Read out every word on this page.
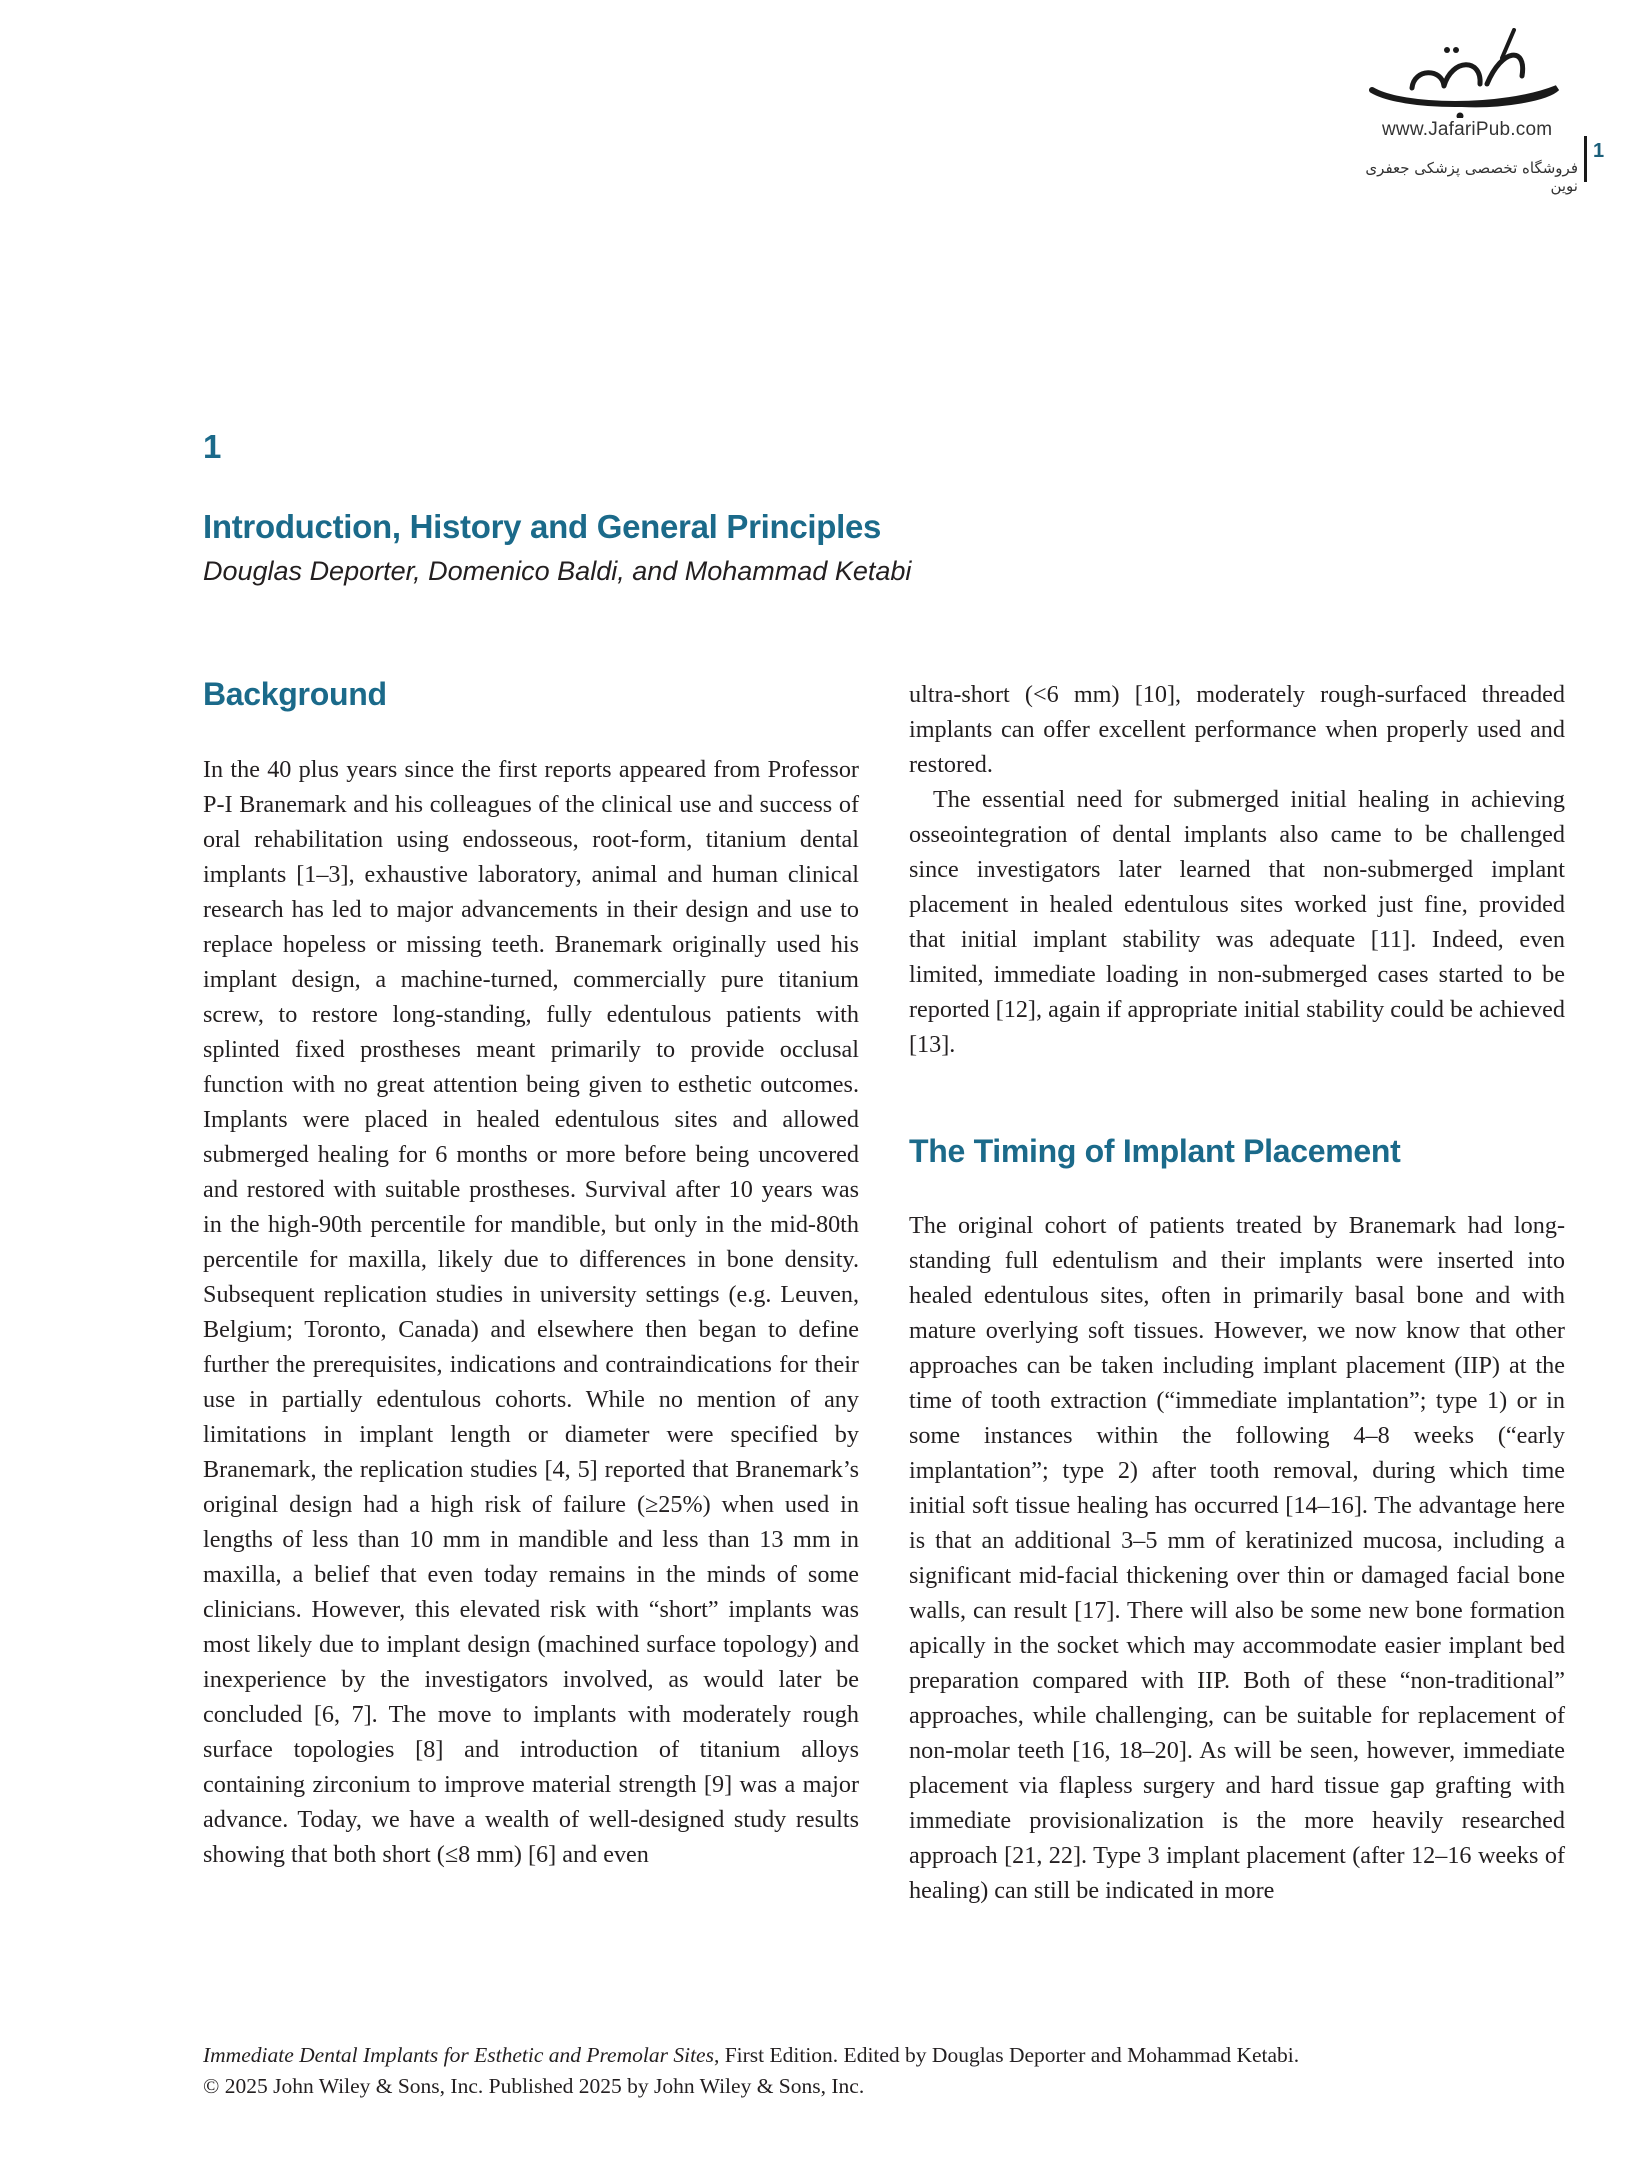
www.JafariPub.com
فروشگاه تخصصی پزشکی جعفری نوین
1
1
Introduction, History and General Principles
Douglas Deporter, Domenico Baldi, and Mohammad Ketabi
Background

In the 40 plus years since the first reports appeared from Professor P-I Branemark and his colleagues of the clinical use and success of oral rehabilitation using endosseous, root-form, titanium dental implants [1–3], exhaustive laboratory, animal and human clinical research has led to major advancements in their design and use to replace hopeless or missing teeth. Branemark originally used his implant design, a machine-turned, commercially pure titanium screw, to restore long-standing, fully edentulous patients with splinted fixed prostheses meant primarily to provide occlusal function with no great attention being given to esthetic outcomes. Implants were placed in healed edentulous sites and allowed submerged healing for 6 months or more before being uncovered and restored with suitable prostheses. Survival after 10 years was in the high-90th percentile for mandible, but only in the mid-80th percentile for maxilla, likely due to differences in bone density. Subsequent replication studies in university settings (e.g. Leuven, Belgium; Toronto, Canada) and elsewhere then began to define further the prerequisites, indications and contraindications for their use in partially edentulous cohorts. While no mention of any limitations in implant length or diameter were specified by Branemark, the replication studies [4, 5] reported that Branemark’s original design had a high risk of failure (≥25%) when used in lengths of less than 10 mm in mandible and less than 13 mm in maxilla, a belief that even today remains in the minds of some clinicians. However, this elevated risk with “short” implants was most likely due to implant design (machined surface topology) and inexperience by the investigators involved, as would later be concluded [6, 7]. The move to implants with moderately rough surface topologies [8] and introduction of titanium alloys containing zirconium to improve material strength [9] was a major advance. Today, we have a wealth of well-designed study results showing that both short (≤8 mm) [6] and even

ultra-short (<6 mm) [10], moderately rough-surfaced threaded implants can offer excellent performance when properly used and restored.

The essential need for submerged initial healing in achieving osseointegration of dental implants also came to be challenged since investigators later learned that non-submerged implant placement in healed edentulous sites worked just fine, provided that initial implant stability was adequate [11]. Indeed, even limited, immediate loading in non-submerged cases started to be reported [12], again if appropriate initial stability could be achieved [13].

The Timing of Implant Placement

The original cohort of patients treated by Branemark had long-standing full edentulism and their implants were inserted into healed edentulous sites, often in primarily basal bone and with mature overlying soft tissues. However, we now know that other approaches can be taken including implant placement (IIP) at the time of tooth extraction (“immediate implantation”; type 1) or in some instances within the following 4–8 weeks (“early implantation”; type 2) after tooth removal, during which time initial soft tissue healing has occurred [14–16]. The advantage here is that an additional 3–5 mm of keratinized mucosa, including a significant mid-facial thickening over thin or damaged facial bone walls, can result [17]. There will also be some new bone formation apically in the socket which may accommodate easier implant bed preparation compared with IIP. Both of these “non-traditional” approaches, while challenging, can be suitable for replacement of non-molar teeth [16, 18–20]. As will be seen, however, immediate placement via flapless surgery and hard tissue gap grafting with immediate provisionalization is the more heavily researched approach [21, 22]. Type 3 implant placement (after 12–16 weeks of healing) can still be indicated in more

Immediate Dental Implants for Esthetic and Premolar Sites, First Edition. Edited by Douglas Deporter and Mohammad Ketabi.
© 2025 John Wiley & Sons, Inc. Published 2025 by John Wiley & Sons, Inc.
